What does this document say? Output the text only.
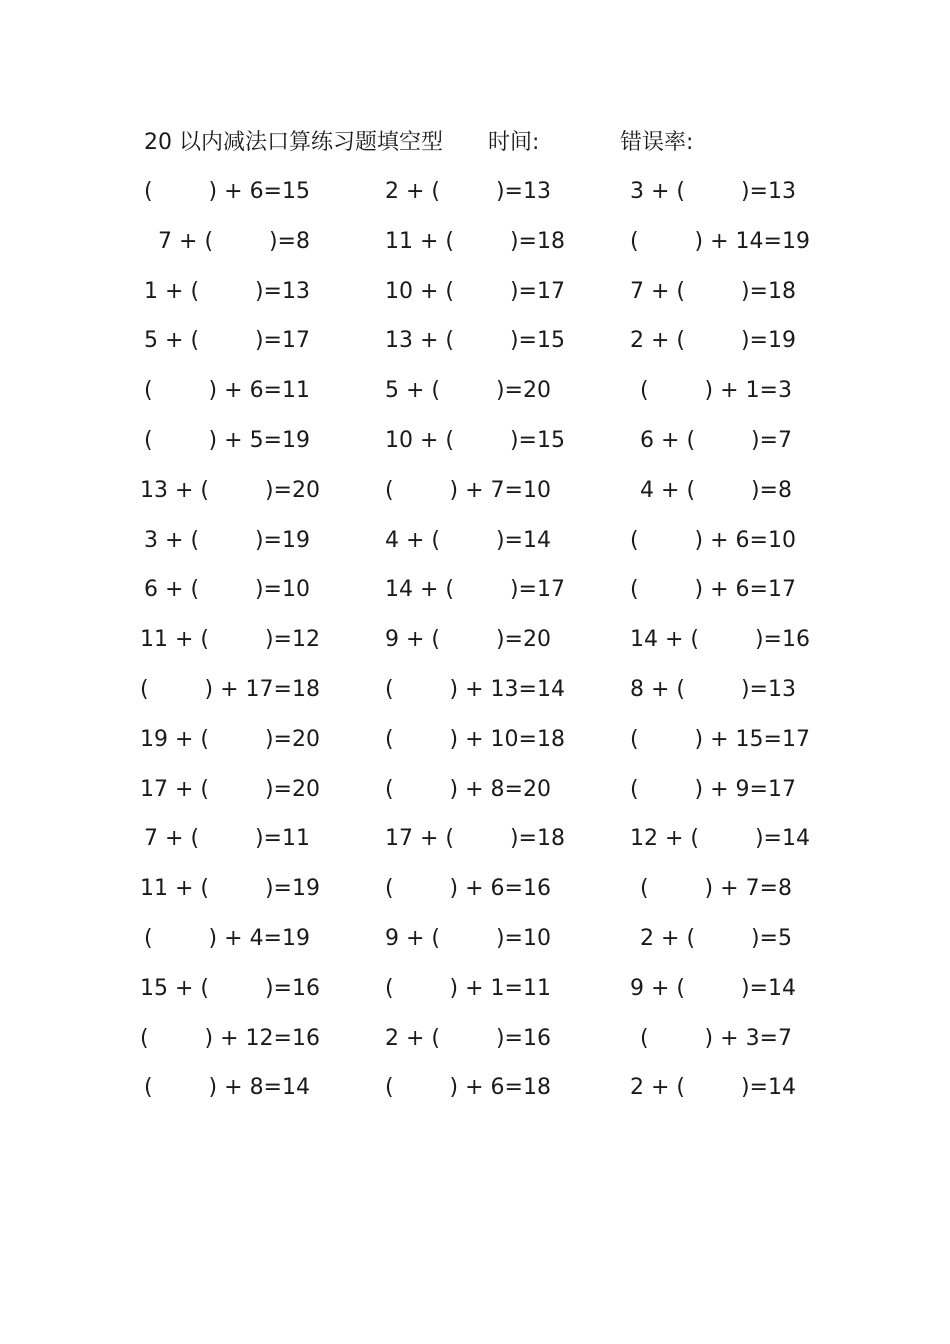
20 以内减法口算练习题填空型 时间:	错误率:
(        ) + 6=15	2 + (        )=13	3 + (        )=13
7 + (        )=8	11 + (        )=18	(        ) + 14=19
1 + (        )=13	10 + (        )=17	7 + (        )=18
5 + (        )=17	13 + (        )=15	2 + (        )=19
(        ) + 6=11	5 + (        )=20	(        ) + 1=3
(        ) + 5=19	10 + (        )=15	6 + (        )=7
13 + (        )=20	(        ) + 7=10	4 + (        )=8
3 + (        )=19	4 + (        )=14	(        ) + 6=10
6 + (        )=10	14 + (        )=17	(        ) + 6=17
11 + (        )=12	9 + (        )=20	14 + (        )=16
(        ) + 17=18	(        ) + 13=14	8 + (        )=13
19 + (        )=20	(        ) + 10=18	(        ) + 15=17
17 + (        )=20	(        ) + 8=20	(        ) + 9=17
7 + (        )=11	17 + (        )=18	12 + (        )=14
11 + (        )=19	(        ) + 6=16	(        ) + 7=8
(        ) + 4=19	9 + (        )=10	2 + (        )=5
15 + (        )=16	(        ) + 1=11	9 + (        )=14
(        ) + 12=16	2 + (        )=16	(        ) + 3=7
(        ) + 8=14	(        ) + 6=18	2 + (        )=14
